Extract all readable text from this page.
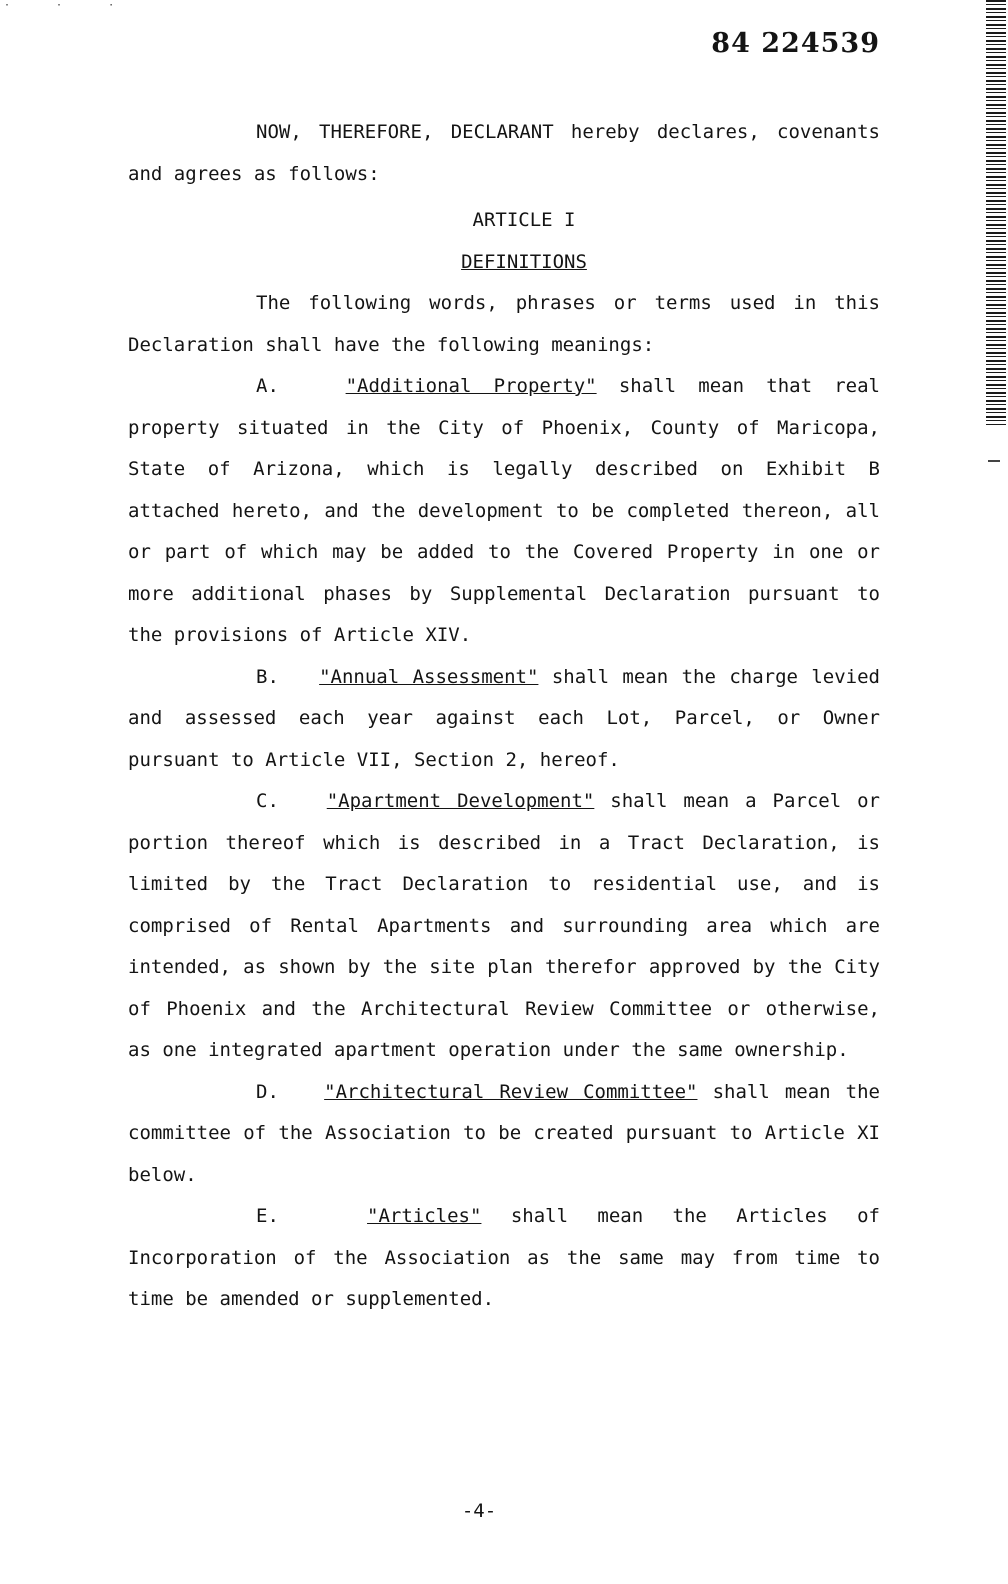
· · ·
84 224539

NOW, THEREFORE, DECLARANT hereby declares, covenants and agrees as follows:

ARTICLE I

DEFINITIONS

The following words, phrases or terms used in this Declaration shall have the following meanings:

A.	"Additional Property" shall mean that real property situated in the City of Phoenix, County of Maricopa, State of Arizona, which is legally described on Exhibit B attached hereto, and the development to be completed thereon, all or part of which may be added to the Covered Property in one or more additional phases by Supplemental Declaration pursuant to the provisions of Article XIV.

B. "Annual Assessment" shall mean the charge levied and assessed each year against each Lot, Parcel, or Owner pursuant to Article VII, Section 2, hereof.

C.	"Apartment Development" shall mean a Parcel or portion thereof which is described in a Tract Declaration, is limited by the Tract Declaration to residential use, and is comprised of Rental Apartments and surrounding area which are intended, as shown by the site plan therefor approved by the City of Phoenix and the Architectural Review Committee or otherwise, as one integrated apartment operation under the same ownership.

D. "Architectural Review Committee" shall mean the committee of the Association to be created pursuant to Article XI below.

E.	"Articles" shall mean the Articles of Incorporation of the Association as the same may from time to time be amended or supplemented.

-4-
